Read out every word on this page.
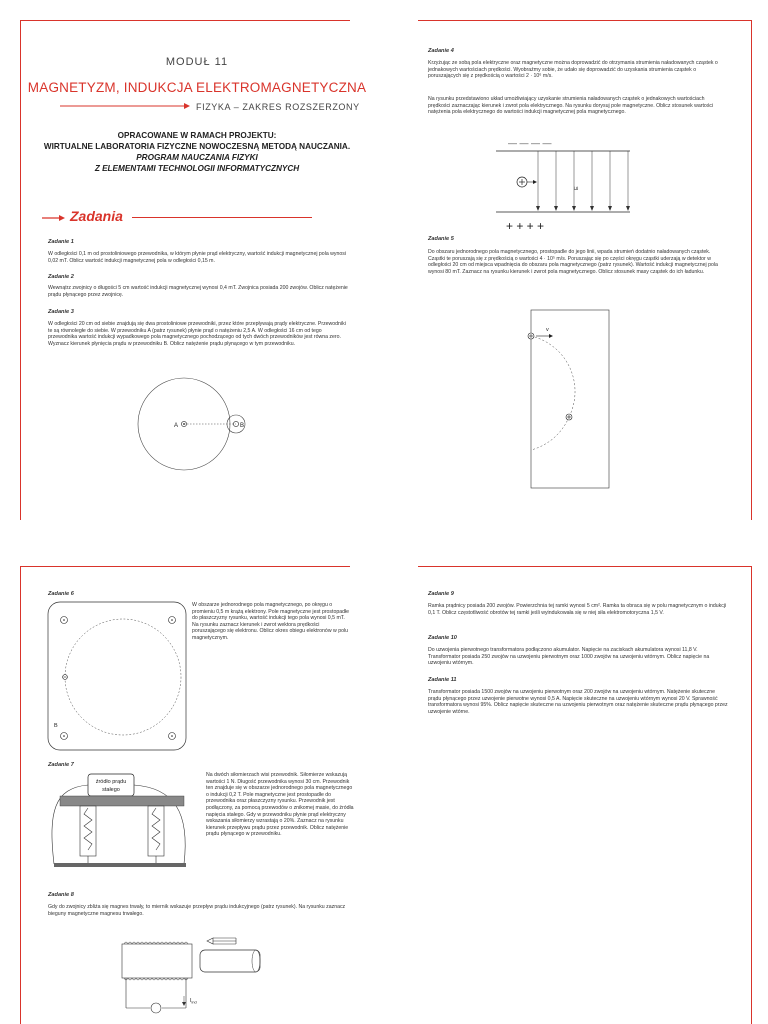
MODUŁ 11
MAGNETYZM, INDUKCJA ELEKTROMAGNETYCZNA
FIZYKA – ZAKRES ROZSZERZONY
OPRACOWANE W RAMACH PROJEKTU:
WIRTUALNE LABORATORIA FIZYCZNE NOWOCZESNĄ METODĄ NAUCZANIA.
PROGRAM NAUCZANIA FIZYKI
Z ELEMENTAMI TECHNOLOGII INFORMATYCZNYCH
Zadania
Zadanie 1
W odległości 0,1 m od prostoliniowego przewodnika, w którym płynie prąd elektryczny, wartość indukcji magnetycznej pola wynosi 0,02 mT. Oblicz wartość indukcji magnetycznej pola w odległości 0,15 m.
Zadanie 2
Wewnątrz zwojnicy o długości 5 cm wartość indukcji magnetycznej wynosi 0,4 mT. Zwojnica posiada 200 zwojów. Oblicz natężenie prądu płynącego przez zwojnicę.
Zadanie 3
W odległości 20 cm od siebie znajdują się dwa prostoliniowe przewodniki, przez które przepływają prądy elektryczne. Przewodniki te są równoległe do siebie. W przewodniku A (patrz rysunek) płynie prąd o natężeniu 2,5 A. W odległości 16 cm od tego przewodnika wartość indukcji wypadkowego pola magnetycznego pochodzącego od tych dwóch przewodników jest równa zero. Wyznacz kierunek płynięcia prądu w przewodniku B. Oblicz natężenie prądu płynącego w tym przewodniku.
A	B
Zadanie 4
Krzyżując ze sobą pola elektryczne oraz magnetyczne można doprowadzić do otrzymania strumienia naładowanych cząstek o jednakowych wartościach prędkości. Wyobraźmy sobie, że udało się doprowadzić do uzyskania strumienia cząstek o poruszających się z prędkością o wartości 2 · 10⁶ m/s.
Na rysunku przedstawiono układ umożliwiający uzyskanie strumienia naładowanych cząstek o jednakowych wartościach prędkości zaznaczając kierunek i zwrot pola elektrycznego. Na rysunku dorysuj pole magnetyczne. Oblicz stosunek wartości natężenia pola elektrycznego do wartości indukcji magnetycznej pola magnetycznego.
— — — —
E
+ + + +
Zadanie 5
Do obszaru jednorodnego pola magnetycznego, prostopadle do jego linii, wpada strumień dodatnio naładowanych cząstek. Cząstki te poruszają się z prędkością o wartości 4 · 10⁵ m/s. Poruszając się po części okręgu cząstki uderzają w detektor w odległości 20 cm od miejsca wpadnięcia do obszaru pola magnetycznego (patrz rysunek). Wartość indukcji magnetycznej pola wynosi 80 mT. Zaznacz na rysunku kierunek i zwrot pola magnetycznego. Oblicz stosunek masy cząstek do ich ładunku.
v
Zadanie 6
B
W obszarze jednorodnego pola magnetycznego, po okręgu o promieniu 0,5 m krążą elektrony. Pole magnetyczne jest prostopadłe do płaszczyzny rysunku, wartość indukcji tego pola wynosi 0,5 mT. Na rysunku zaznacz kierunek i zwrot wektora prędkości poruszającego się elektronu. Oblicz okres obiegu elektronów w polu magnetycznym.
Zadanie 7
źródło prądu
stałego
Na dwóch siłomierzach wisi przewodnik. Siłomierze wskazują wartości 1 N. Długość przewodnika wynosi 30 cm. Przewodnik ten znajduje się w obszarze jednorodnego pola magnetycznego o indukcji 0,2 T. Pole magnetyczne jest prostopadłe do przewodnika oraz płaszczyzny rysunku. Przewodnik jest podłączony, za pomocą przewodów o znikomej masie, do źródła napięcia stałego. Gdy w przewodniku płynie prąd elektryczny wskazania siłomierzy wzrastają o 20%. Zaznacz na rysunku kierunek przepływu prądu przez przewodnik. Oblicz natężenie prądu płynącego w przewodniku.
Zadanie 8
Gdy do zwojnicy zbliża się magnes trwały, to miernik wskazuje przepływ prądu indukcyjnego (patrz rysunek). Na rysunku zaznacz bieguny magnetyczne magnesu trwałego.
$I_{ind}$
Zadanie 9
Ramka prądnicy posiada 200 zwojów. Powierzchnia tej ramki wynosi 5 cm². Ramka ta obraca się w polu magnetycznym o indukcji 0,1 T. Oblicz częstotliwość obrotów tej ramki jeśli wyindukowała się w niej siła elektromotoryczna 1,5 V.
Zadanie 10
Do uzwojenia pierwotnego transformatora podłączono akumulator. Napięcie na zaciskach akumulatora wynosi 11,8 V. Transformator posiada 250 zwojów na uzwojeniu pierwotnym oraz 1000 zwojów na uzwojeniu wtórnym. Oblicz napięcie na uzwojeniu wtórnym.
Zadanie 11
Transformator posiada 1500 zwojów na uzwojeniu pierwotnym oraz 200 zwojów na uzwojeniu wtórnym. Natężenie skuteczne prądu płynącego przez uzwojenie pierwotne wynosi 0,5 A. Napięcie skuteczne na uzwojeniu wtórnym wynosi 20 V. Sprawność transformatora wynosi 95%. Oblicz napięcie skuteczne na uzwojeniu pierwotnym oraz natężenie skuteczne prądu płynącego przez uzwojenie wtórne.
